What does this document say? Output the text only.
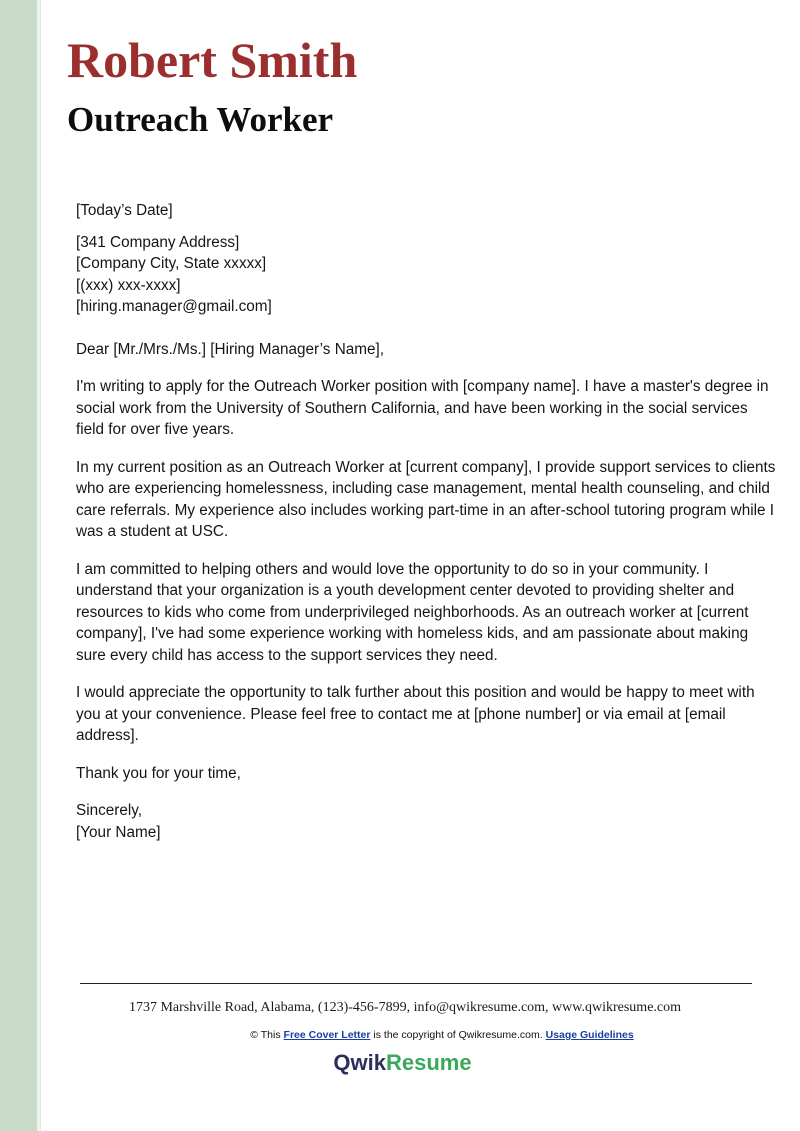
Robert Smith
Outreach Worker

[Today’s Date]

[341 Company Address]

[Company City, State xxxxx]

[(xxx) xxx-xxxx]

[hiring.manager@gmail.com]

Dear [Mr./Mrs./Ms.] [Hiring Manager’s Name],

I'm writing to apply for the Outreach Worker position with [company name]. I have a master's degree in social work from the University of Southern California, and have been working in the social services field for over five years.

In my current position as an Outreach Worker at [current company], I provide support services to clients who are experiencing homelessness, including case management, mental health counseling, and child care referrals. My experience also includes working part-time in an after-school tutoring program while I was a student at USC.

I am committed to helping others and would love the opportunity to do so in your community. I understand that your organization is a youth development center devoted to providing shelter and resources to kids who come from underprivileged neighborhoods. As an outreach worker at [current company], I've had some experience working with homeless kids, and am passionate about making sure every child has access to the support services they need.

I would appreciate the opportunity to talk further about this position and would be happy to meet with you at your convenience. Please feel free to contact me at [phone number] or via email at [email address].

Thank you for your time,

Sincerely,

[Your Name]

1737 Marshville Road, Alabama, (123)-456-7899, info@qwikresume.com, www.qwikresume.com
© This Free Cover Letter is the copyright of Qwikresume.com. Usage Guidelines
QwikResume
